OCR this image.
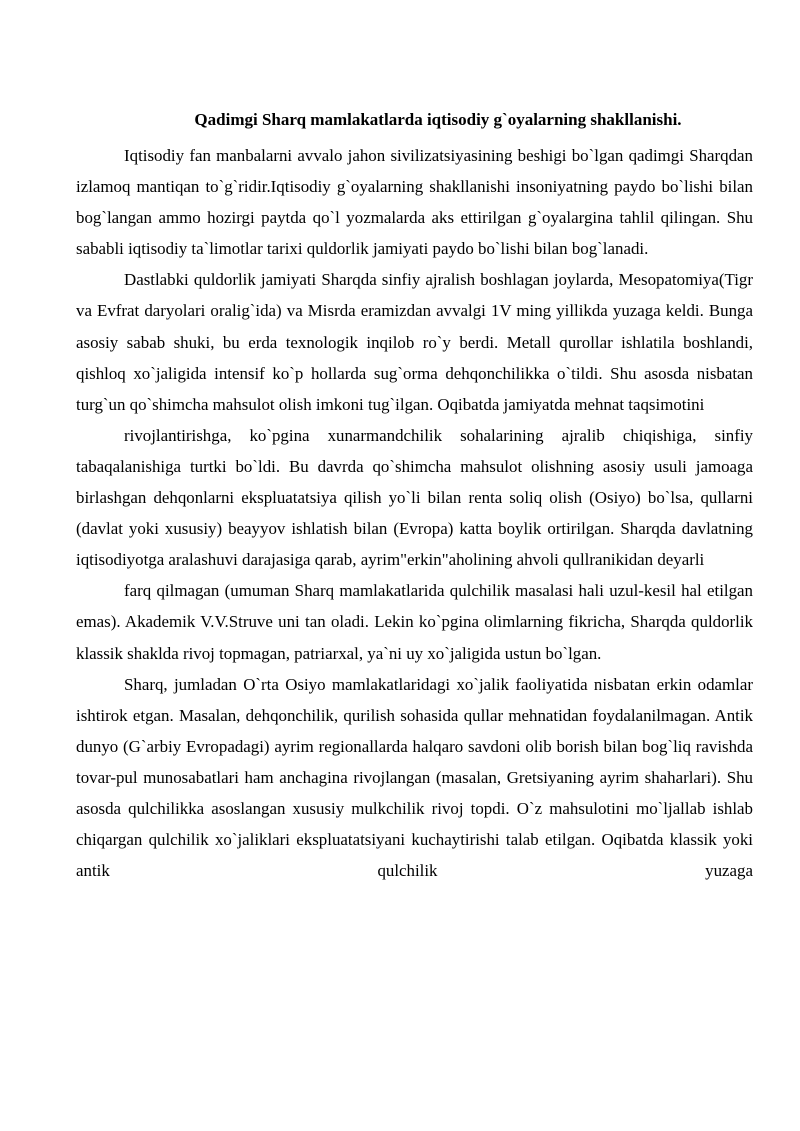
Qadimgi Sharq mamlakatlarda iqtisodiy g`oyalarning shakllanishi.

Iqtisodiy fan manbalarni avvalo jahon sivilizatsiyasining beshigi bo`lgan qadimgi Sharqdan izlamoq mantiqan to`g`ridir.Iqtisodiy g`oyalarning shakllanishi insoniyatning paydo bo`lishi bilan bog`langan ammo hozirgi paytda qo`l yozmalarda aks ettirilgan g`oyalargina tahlil qilingan. Shu sababli iqtisodiy ta`limotlar tarixi quldorlik jamiyati paydo bo`lishi bilan bog`lanadi.

Dastlabki quldorlik jamiyati Sharqda sinfiy ajralish boshlagan joylarda, Mesopatomiya(Tigr va Evfrat daryolari oralig`ida) va Misrda eramizdan avvalgi 1V ming yillikda yuzaga keldi. Bunga asosiy sabab shuki, bu erda texnologik inqilob ro`y berdi. Metall qurollar ishlatila boshlandi, qishloq xo`jaligida intensif ko`p hollarda sug`orma dehqonchilikka o`tildi. Shu asosda nisbatan turg`un qo`shimcha mahsulot olish imkoni tug`ilgan. Oqibatda jamiyatda mehnat taqsimotini

rivojlantirishga, ko`pgina xunarmandchilik sohalarining ajralib chiqishiga, sinfiy tabaqalanishiga turtki bo`ldi. Bu davrda qo`shimcha mahsulot olishning asosiy usuli jamoaga birlashgan dehqonlarni ekspluatatsiya qilish yo`li bilan renta soliq olish (Osiyo) bo`lsa, qullarni (davlat yoki xususiy) beayyov ishlatish bilan (Evropa) katta boylik ortirilgan. Sharqda davlatning iqtisodiyotga aralashuvi darajasiga qarab, ayrim"erkin"aholining ahvoli qullranikidan deyarli

farq qilmagan (umuman Sharq mamlakatlarida qulchilik masalasi hali uzul-kesil hal etilgan emas). Akademik V.V.Struve uni tan oladi. Lekin ko`pgina olimlarning fikricha, Sharqda quldorlik klassik shaklda rivoj topmagan, patriarxal, ya`ni uy xo`jaligida ustun bo`lgan.

Sharq, jumladan O`rta Osiyo mamlakatlaridagi xo`jalik faoliyatida nisbatan erkin odamlar ishtirok etgan. Masalan, dehqonchilik, qurilish sohasida qullar mehnatidan foydalanilmagan. Antik dunyo (G`arbiy Evropadagi) ayrim regionallarda halqaro savdoni olib borish bilan bog`liq ravishda tovar-pul munosabatlari ham anchagina rivojlangan (masalan, Gretsiyaning ayrim shaharlari). Shu asosda qulchilikka asoslangan xususiy mulkchilik rivoj topdi. O`z mahsulotini mo`ljallab ishlab chiqargan qulchilik xo`jaliklari ekspluatatsiyani kuchaytirishi talab etilgan. Oqibatda klassik yoki antik qulchilik yuzaga
